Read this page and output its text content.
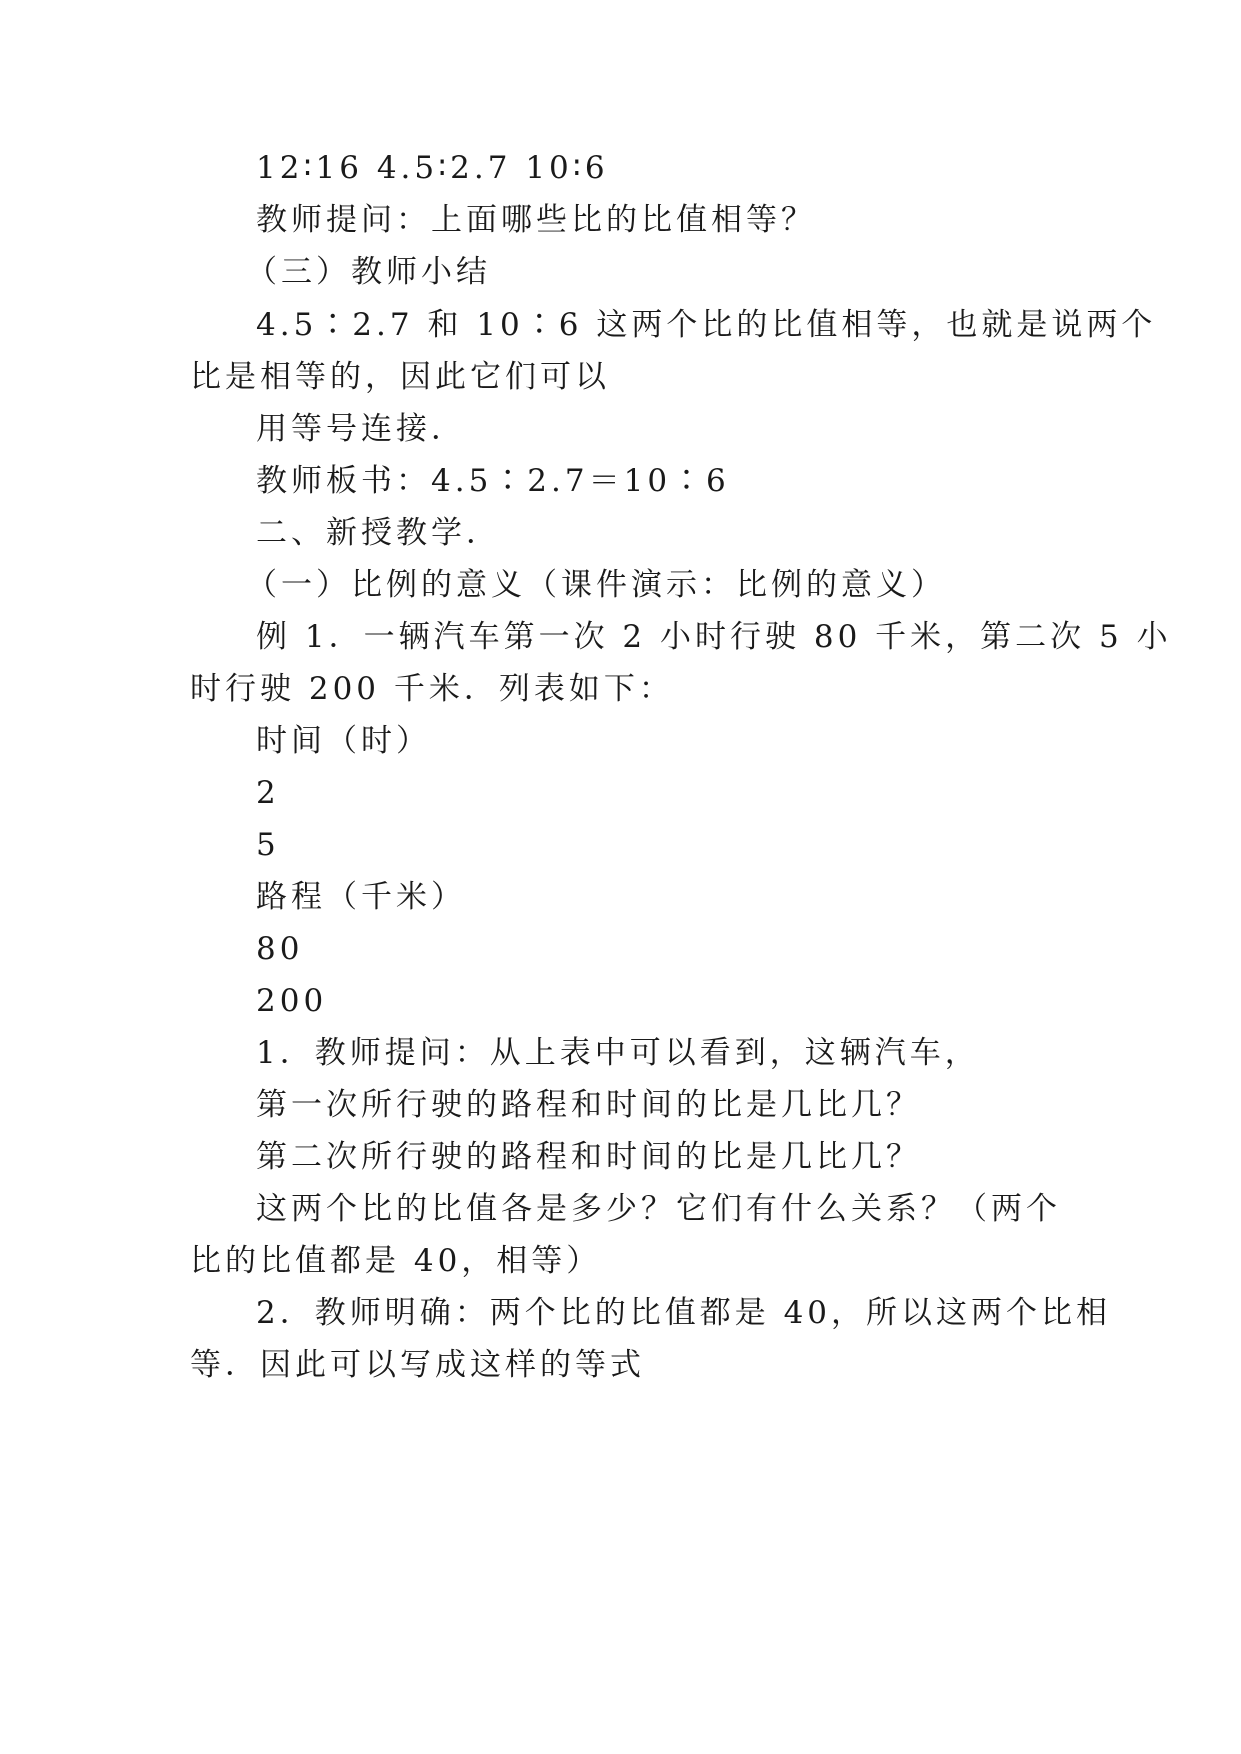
12∶16 4.5∶2.7 10∶6
教师提问：上面哪些比的比值相等？
（三）教师小结
4.5∶2.7 和 10∶6 这两个比的比值相等，也就是说两个
比是相等的，因此它们可以
用等号连接．
教师板书：4.5∶2.7＝10∶6
二、新授教学．
（一）比例的意义（课件演示：比例的意义）
例 1．一辆汽车第一次 2 小时行驶 80 千米，第二次 5 小
时行驶 200 千米．列表如下：
时间（时）
2
5
路程（千米）
80
200
1．教师提问：从上表中可以看到，这辆汽车，
第一次所行驶的路程和时间的比是几比几？
第二次所行驶的路程和时间的比是几比几？
这两个比的比值各是多少？它们有什么关系？（两个
比的比值都是 40，相等）
2．教师明确：两个比的比值都是 40，所以这两个比相
等．因此可以写成这样的等式
